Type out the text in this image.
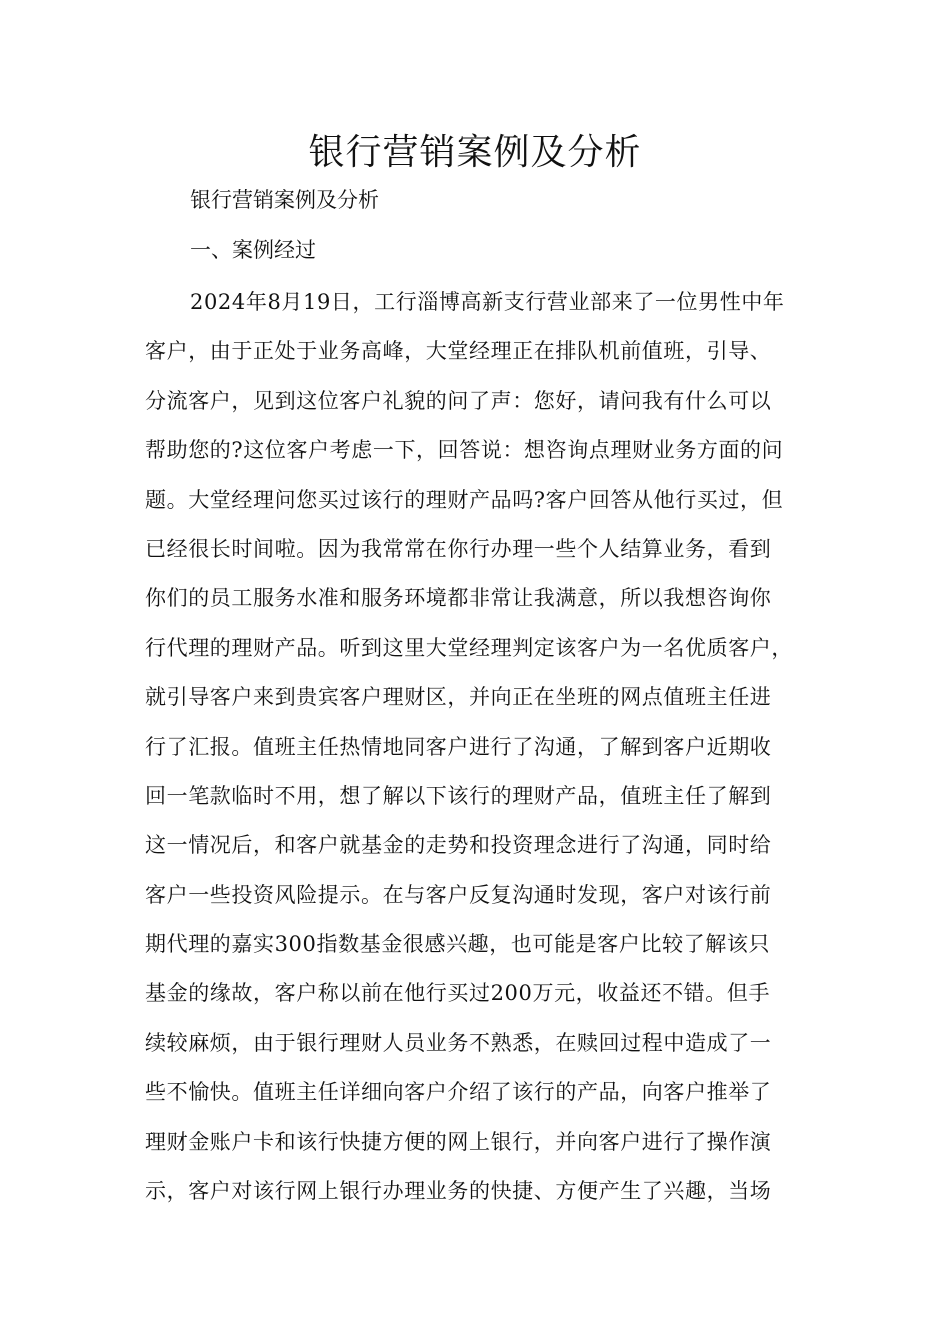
银行营销案例及分析

银行营销案例及分析

一、案例经过

2024年8月19日，工行淄博高新支行营业部来了一位男性中年
客户，由于正处于业务高峰，大堂经理正在排队机前值班，引导、
分流客户，见到这位客户礼貌的问了声：您好，请问我有什么可以
帮助您的?这位客户考虑一下，回答说：想咨询点理财业务方面的问
题。大堂经理问您买过该行的理财产品吗?客户回答从他行买过，但
已经很长时间啦。因为我常常在你行办理一些个人结算业务，看到
你们的员工服务水准和服务环境都非常让我满意，所以我想咨询你
行代理的理财产品。听到这里大堂经理判定该客户为一名优质客户，
就引导客户来到贵宾客户理财区，并向正在坐班的网点值班主任进
行了汇报。值班主任热情地同客户进行了沟通，了解到客户近期收
回一笔款临时不用，想了解以下该行的理财产品，值班主任了解到
这一情况后，和客户就基金的走势和投资理念进行了沟通，同时给
客户一些投资风险提示。在与客户反复沟通时发现，客户对该行前
期代理的嘉实300指数基金很感兴趣，也可能是客户比较了解该只
基金的缘故，客户称以前在他行买过200万元，收益还不错。但手
续较麻烦，由于银行理财人员业务不熟悉，在赎回过程中造成了一
些不愉快。值班主任详细向客户介绍了该行的产品，向客户推举了
理财金账户卡和该行快捷方便的网上银行，并向客户进行了操作演
示，客户对该行网上银行办理业务的快捷、方便产生了兴趣，当场
